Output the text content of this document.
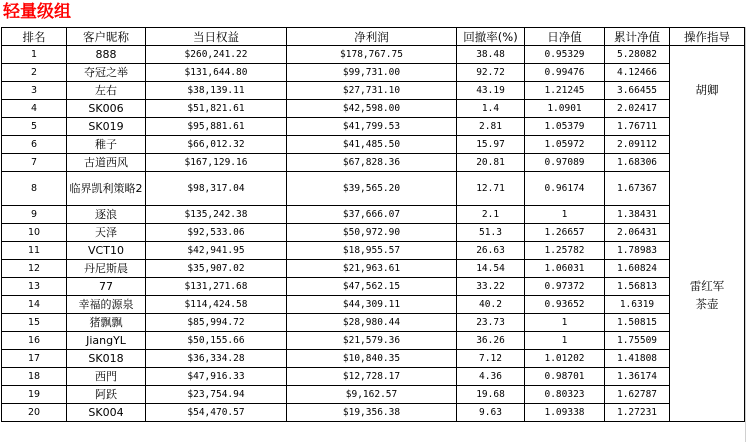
轻量级组
排名	客户昵称	当日权益	净利润	回撤率(%)	日净值	累计净值	操作指导
1	888	$260,241.22	$178,767.75	38.48	0.95329	5.28082	
2	夺冠之举	$131,644.80	$99,731.00	92.72	0.99476	4.12466	
3	左右	$38,139.11	$27,731.10	43.19	1.21245	3.66455	胡卿
4	SK006	$51,821.61	$42,598.00	1.4	1.0901	2.02417	
5	SK019	$95,881.61	$41,799.53	2.81	1.05379	1.76711	
6	稚子	$66,012.32	$41,485.50	15.97	1.05972	2.09112	
7	古道西风	$167,129.16	$67,828.36	20.81	0.97089	1.68306	
8	临界凯利策略2	$98,317.04	$39,565.20	12.71	0.96174	1.67367	
9	逐浪	$135,242.38	$37,666.07	2.1	1	1.38431	
10	天泽	$92,533.06	$50,972.90	51.3	1.26657	2.06431	
11	VCT10	$42,941.95	$18,955.57	26.63	1.25782	1.78983	
12	丹尼斯晨	$35,907.02	$21,963.61	14.54	1.06031	1.60824	
13	77	$131,271.68	$47,562.15	33.22	0.97372	1.56813	雷红军
14	幸福的源泉	$114,424.58	$44,309.11	40.2	0.93652	1.6319	茶壶
15	猪飘飘	$85,994.72	$28,980.44	23.73	1	1.50815	
16	JiangYL	$50,155.66	$21,579.36	36.26	1	1.75509	
17	SK018	$36,334.28	$10,840.35	7.12	1.01202	1.41808	
18	西門	$47,916.33	$12,728.17	4.36	0.98701	1.36174	
19	阿跃	$23,754.94	$9,162.57	19.68	0.80323	1.62787	
20	SK004	$54,470.57	$19,356.38	9.63	1.09338	1.27231	
